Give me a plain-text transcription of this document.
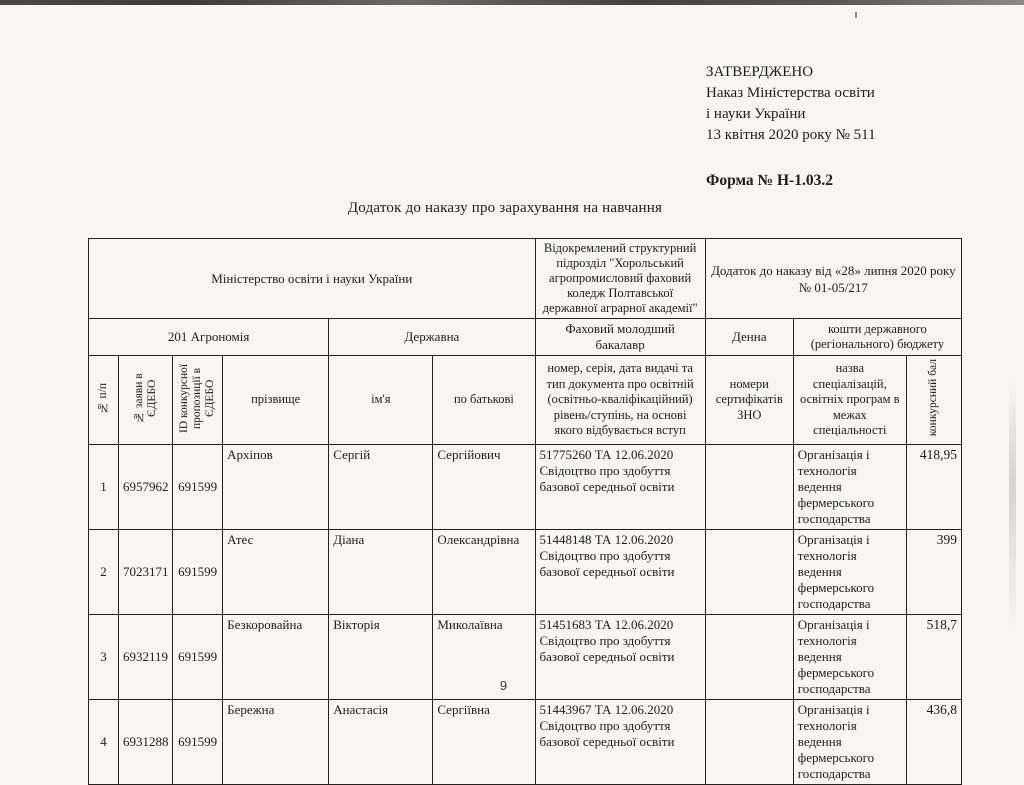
ЗАТВЕРДЖЕНО
Наказ Міністерства освіти
і науки України
13 квітня 2020 року № 511
Форма № Н-1.03.2
Додаток до наказу про зарахування на навчання
Міністерство освіти і науки України						Відокремлений структурний підрозділ "Хорольський агропромисловий фаховий коледж Полтавської державної аграрної академії"	Додаток до наказу від «28» липня 2020 року
№ 01-05/217		

201 Агрономія				Державна		Фаховий молодший бакалавр	Денна	кошти державного (регіонального) бюджету	
№ п/п	№ заяви в ЄДЕБО	ID конкурсної пропозиції в ЄДЕБО	прізвище	ім'я	по батькові	номер, серія, дата видачі та тип документа про освітній (освітньо-кваліфікаційний) рівень/ступінь, на основі якого відбувається вступ	номери сертифікатів ЗНО	назва спеціалізацій, освітніх програм в межах спеціальності	конкурсний бал
1	6957962	691599	Архіпов	Сергій	Сергійович	51775260 ТА 12.06.2020 Свідоцтво про здобуття базової середньої освіти		Організація і технологія ведення фермерського господарства	418,95
2	7023171	691599	Атес	Діана	Олександрівна	51448148 ТА 12.06.2020 Свідоцтво про здобуття базової середньої освіти		Організація і технологія ведення фермерського господарства	399
3	6932119	691599	Безкоровайна	Вікторія	Миколаївна	51451683 ТА 12.06.2020 Свідоцтво про здобуття базової середньої освіти		Організація і технологія ведення фермерського господарства	518,7
4	6931288	691599	Бережна	Анастасія	Сергіївна	51443967 ТА 12.06.2020 Свідоцтво про здобуття базової середньої освіти		Організація і технологія ведення фермерського господарства	436,8
9
